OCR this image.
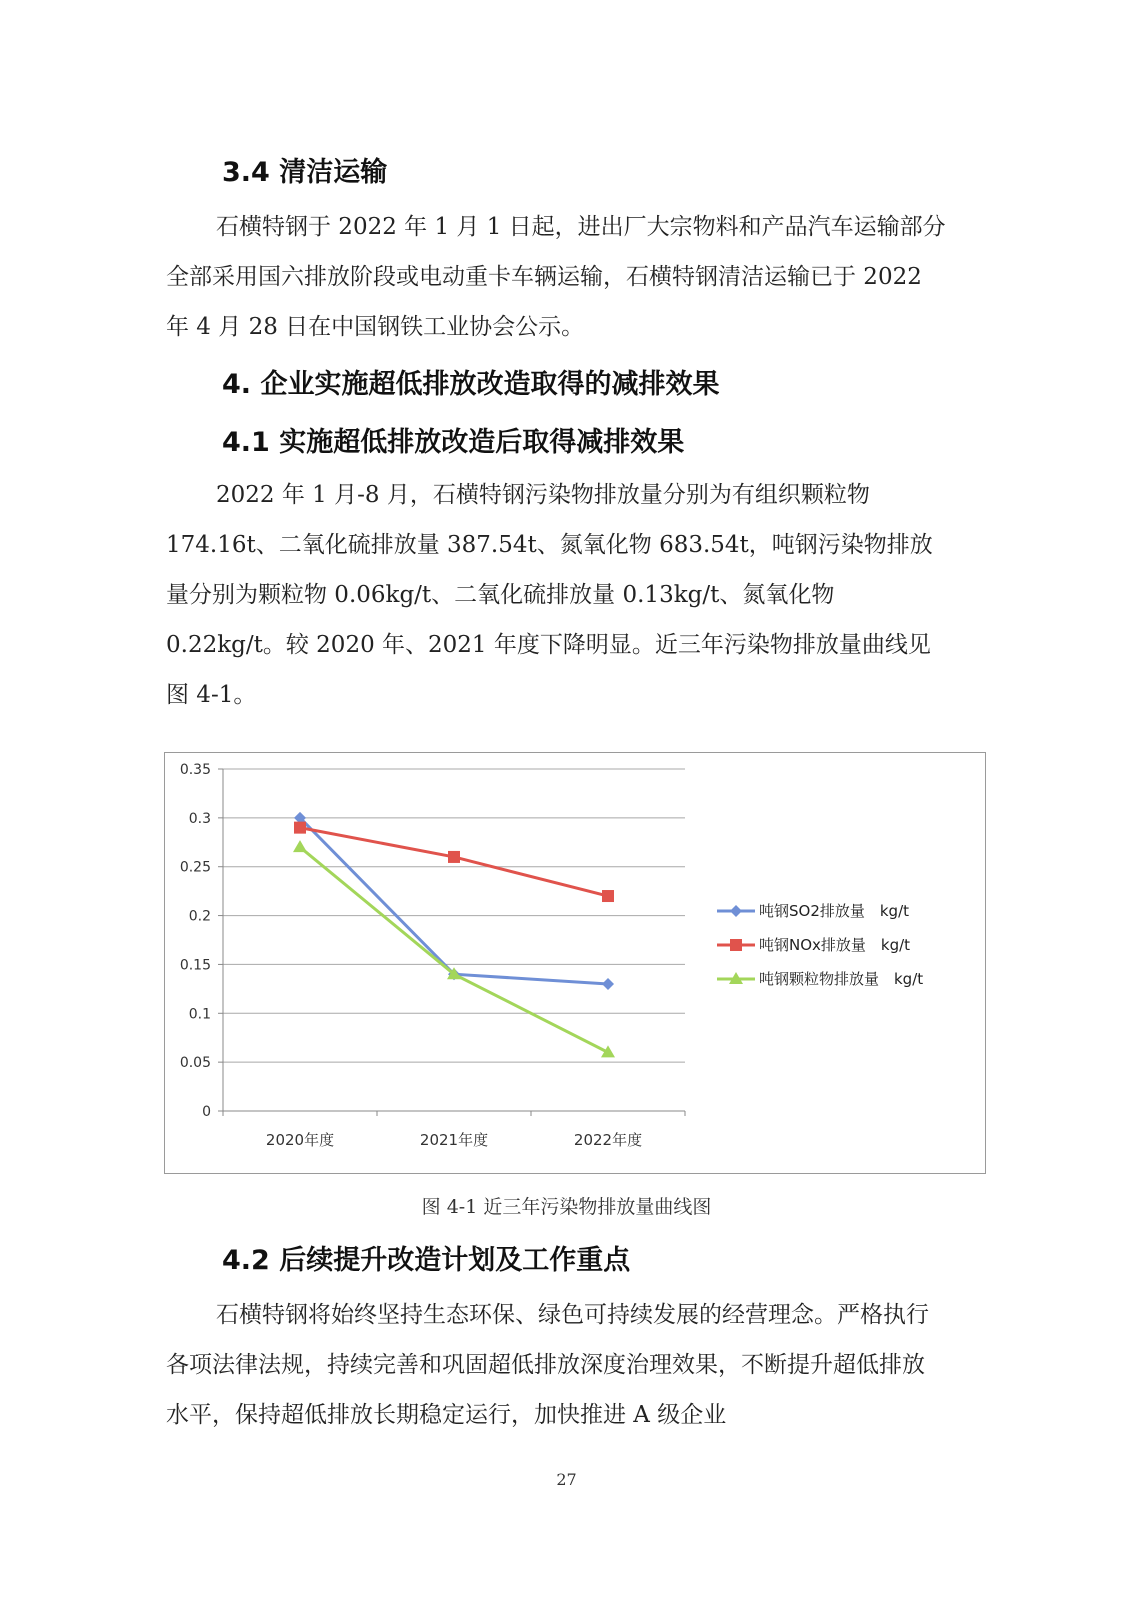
3.4 清洁运输

石横特钢于 2022 年 1 月 1 日起，进出厂大宗物料和产品汽车运输部分全部采用国六排放阶段或电动重卡车辆运输，石横特钢清洁运输已于 2022 年 4 月 28 日在中国钢铁工业协会公示。

4. 企业实施超低排放改造取得的减排效果
4.1 实施超低排放改造后取得减排效果

2022 年 1 月-8 月，石横特钢污染物排放量分别为有组织颗粒物 174.16t、二氧化硫排放量 387.54t、氮氧化物 683.54t，吨钢污染物排放量分别为颗粒物 0.06kg/t、二氧化硫排放量 0.13kg/t、氮氧化物 0.22kg/t。较 2020 年、2021 年度下降明显。近三年污染物排放量曲线见图 4-1。

0
0.05
0.1
0.15
0.2
0.25
0.3
0.35
2020年度	2021年度	2022年度
吨钢SO2排放量　kg/t
吨钢NOx排放量　kg/t
吨钢颗粒物排放量　kg/t
图 4-1 近三年污染物排放量曲线图
4.2 后续提升改造计划及工作重点

石横特钢将始终坚持生态环保、绿色可持续发展的经营理念。严格执行各项法律法规，持续完善和巩固超低排放深度治理效果，不断提升超低排放水平，保持超低排放长期稳定运行，加快推进 A 级企业

27
